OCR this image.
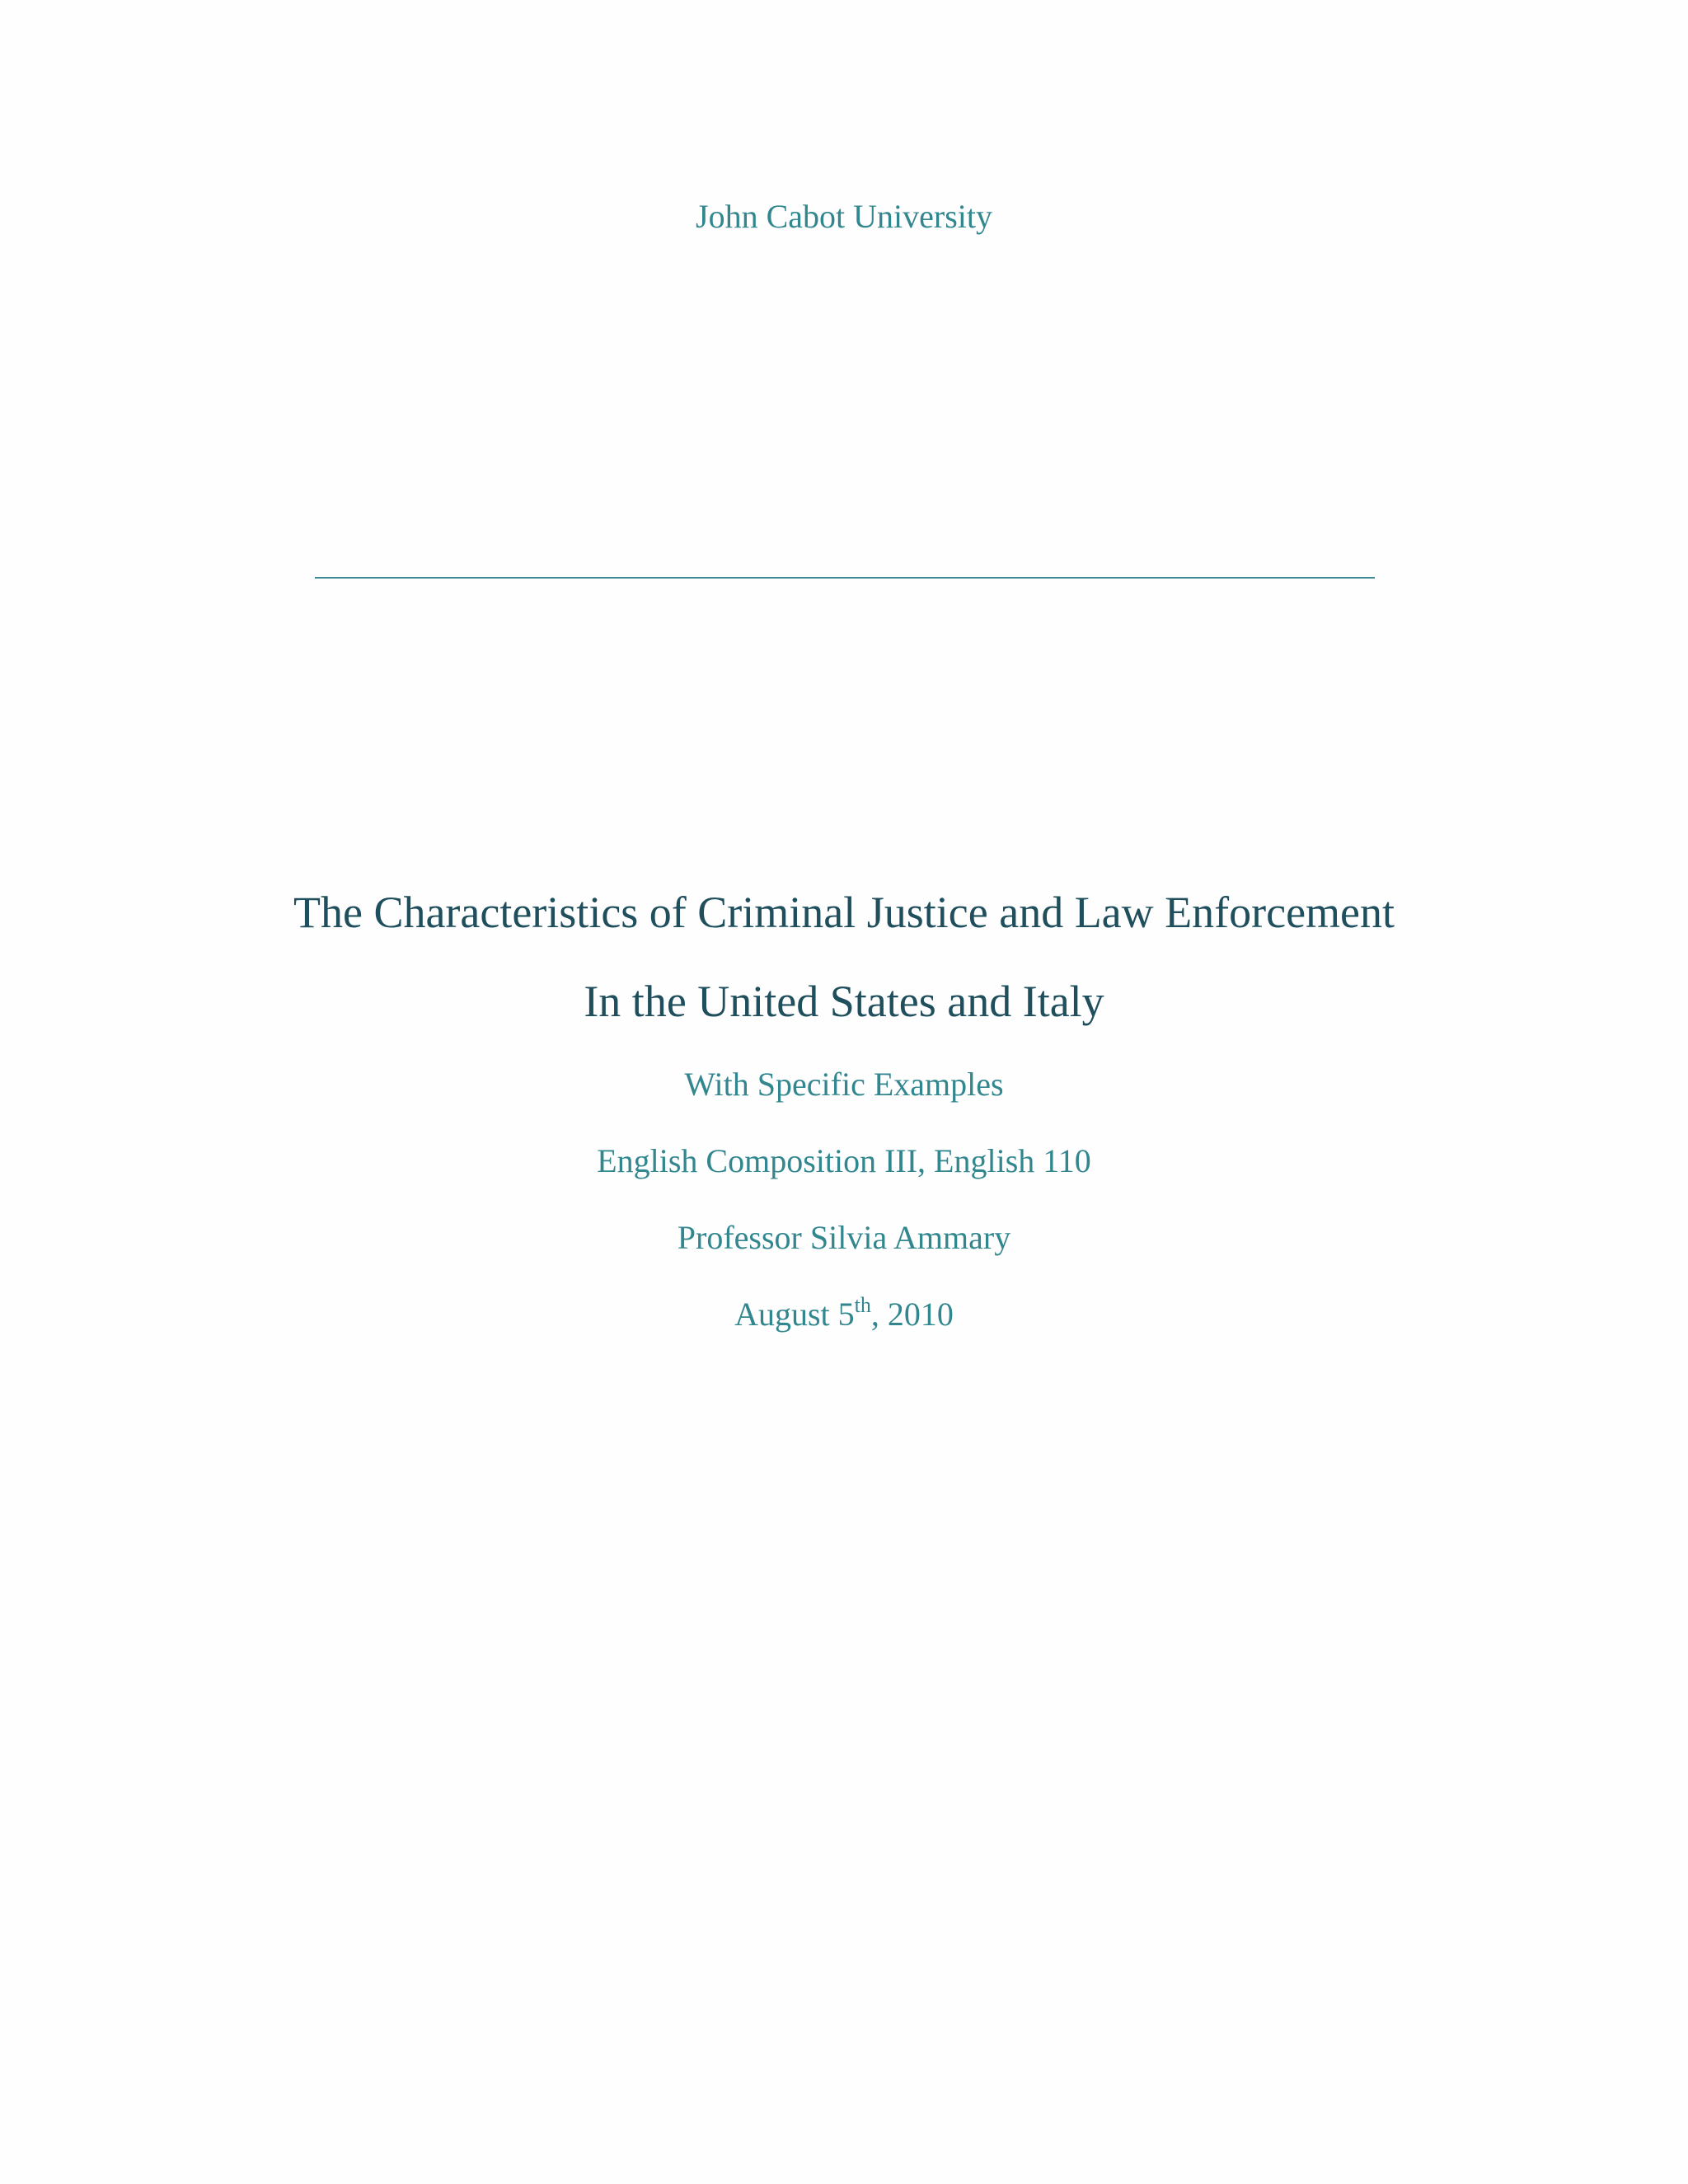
John Cabot University
The Characteristics of Criminal Justice and Law Enforcement
In the United States and Italy
With Specific Examples
English Composition III, English 110
Professor Silvia Ammary
August 5th, 2010
